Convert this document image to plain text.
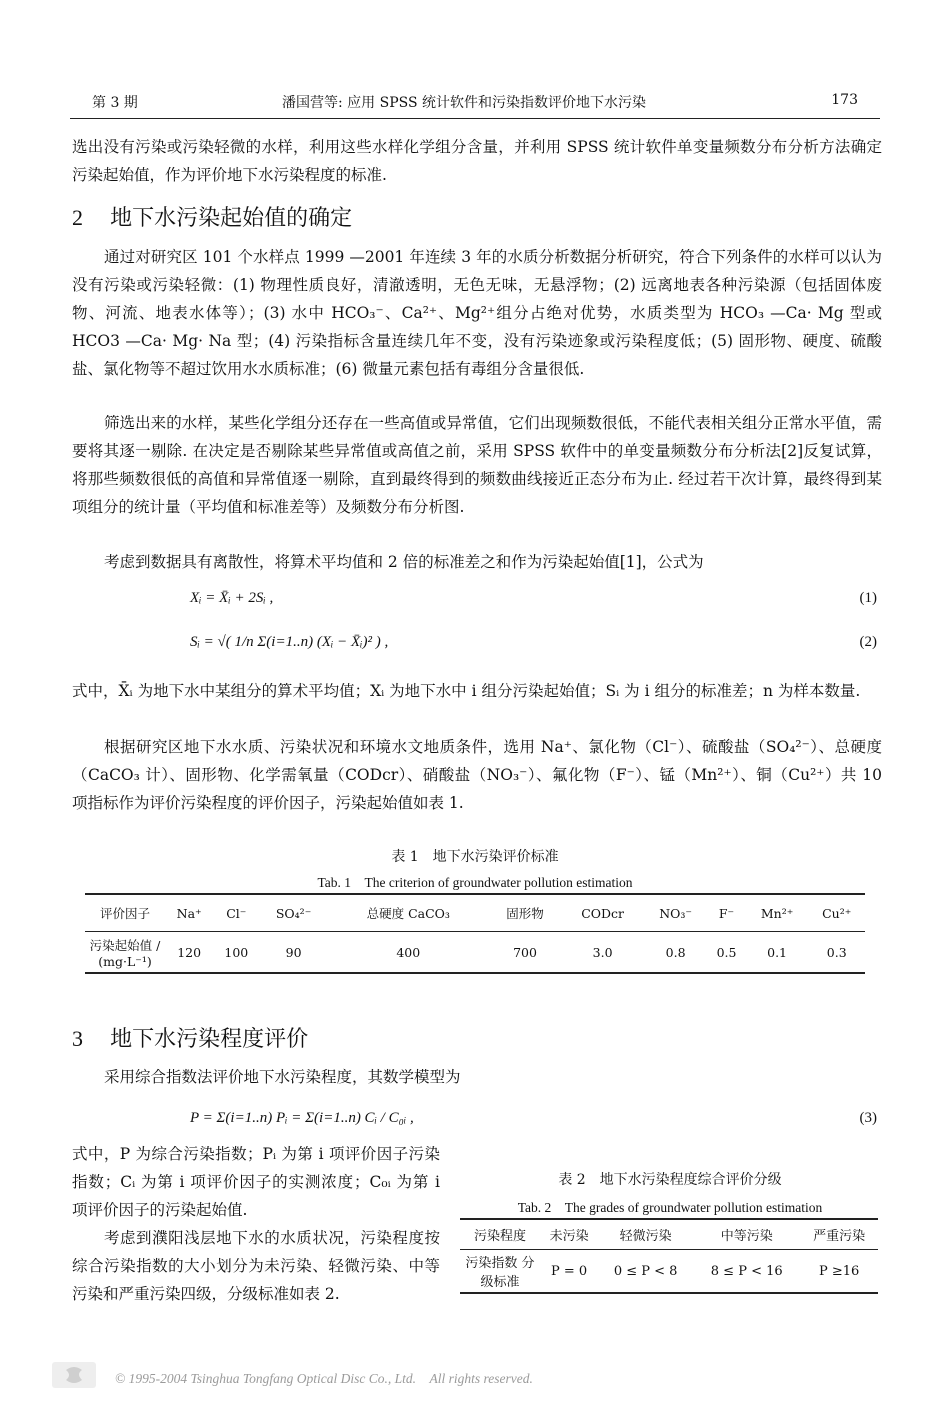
第 3 期	潘国营等: 应用 SPSS 统计软件和污染指数评价地下水污染	173

选出没有污染或污染轻微的水样，利用这些水样化学组分含量，并利用 SPSS 统计软件单变量频数分布分析方法确定污染起始值，作为评价地下水污染程度的标准.

2 地下水污染起始值的确定

通过对研究区 101 个水样点 1999 —2001 年连续 3 年的水质分析数据分析研究，符合下列条件的水样可以认为没有污染或污染轻微：(1) 物理性质良好，清澈透明，无色无味，无悬浮物；(2) 远离地表各种污染源（包括固体废物、河流、地表水体等）；(3) 水中 HCO₃⁻、Ca²⁺、Mg²⁺组分占绝对优势，水质类型为 HCO₃ —Ca· Mg 型或 HCO3 —Ca· Mg· Na 型；(4) 污染指标含量连续几年不变，没有污染迹象或污染程度低；(5) 固形物、硬度、硫酸盐、氯化物等不超过饮用水水质标准；(6) 微量元素包括有毒组分含量很低.

筛选出来的水样，某些化学组分还存在一些高值或异常值，它们出现频数很低，不能代表相关组分正常水平值，需要将其逐一剔除. 在决定是否剔除某些异常值或高值之前，采用 SPSS 软件中的单变量频数分布分析法[2]反复试算，将那些频数很低的高值和异常值逐一剔除，直到最终得到的频数曲线接近正态分布为止. 经过若干次计算，最终得到某项组分的统计量（平均值和标准差等）及频数分布分析图.

考虑到数据具有离散性，将算术平均值和 2 倍的标准差之和作为污染起始值[1]，公式为

Xᵢ = X̄ᵢ + 2Sᵢ ,	(1)
Sᵢ = √( 1/n Σ(i=1..n) (Xᵢ − X̄ᵢ)² ) ,	(2)

式中，X̄ᵢ 为地下水中某组分的算术平均值；Xᵢ 为地下水中 i 组分污染起始值；Sᵢ 为 i 组分的标准差；n 为样本数量.

根据研究区地下水水质、污染状况和环境水文地质条件，选用 Na⁺、氯化物（Cl⁻）、硫酸盐（SO₄²⁻）、总硬度（CaCO₃ 计）、固形物、化学需氧量（CODcr）、硝酸盐（NO₃⁻）、氟化物（F⁻）、锰（Mn²⁺）、铜（Cu²⁺）共 10 项指标作为评价污染程度的评价因子，污染起始值如表 1.

表 1　地下水污染评价标准
Tab. 1　The criterion of groundwater pollution estimation
评价因子	Na⁺	Cl⁻	SO₄²⁻	总硬度 CaCO₃	固形物	CODcr	NO₃⁻	F⁻	Mn²⁺	Cu²⁺
污染起始值 / (mg·L⁻¹)	120	100	90	400	700	3.0	0.8	0.5	0.1	0.3
3 地下水污染程度评价

采用综合指数法评价地下水污染程度，其数学模型为

P = Σ(i=1..n) Pᵢ = Σ(i=1..n) Cᵢ / C₀ᵢ ,	(3)

式中，P 为综合污染指数；Pᵢ 为第 i 项评价因子污染指数；Cᵢ 为第 i 项评价因子的实测浓度；C₀ᵢ 为第 i 项评价因子的污染起始值.

考虑到濮阳浅层地下水的水质状况，污染程度按综合污染指数的大小划分为未污染、轻微污染、中等污染和严重污染四级，分级标准如表 2.

表 2　地下水污染程度综合评价分级
Tab. 2　The grades of groundwater pollution estimation
污染程度	未污染	轻微污染	中等污染	严重污染
污染指数 分级标准	P = 0	0 ≤ P < 8	8 ≤ P < 16	P ≥16
© 1995-2004 Tsinghua Tongfang Optical Disc Co., Ltd.　All rights reserved.
